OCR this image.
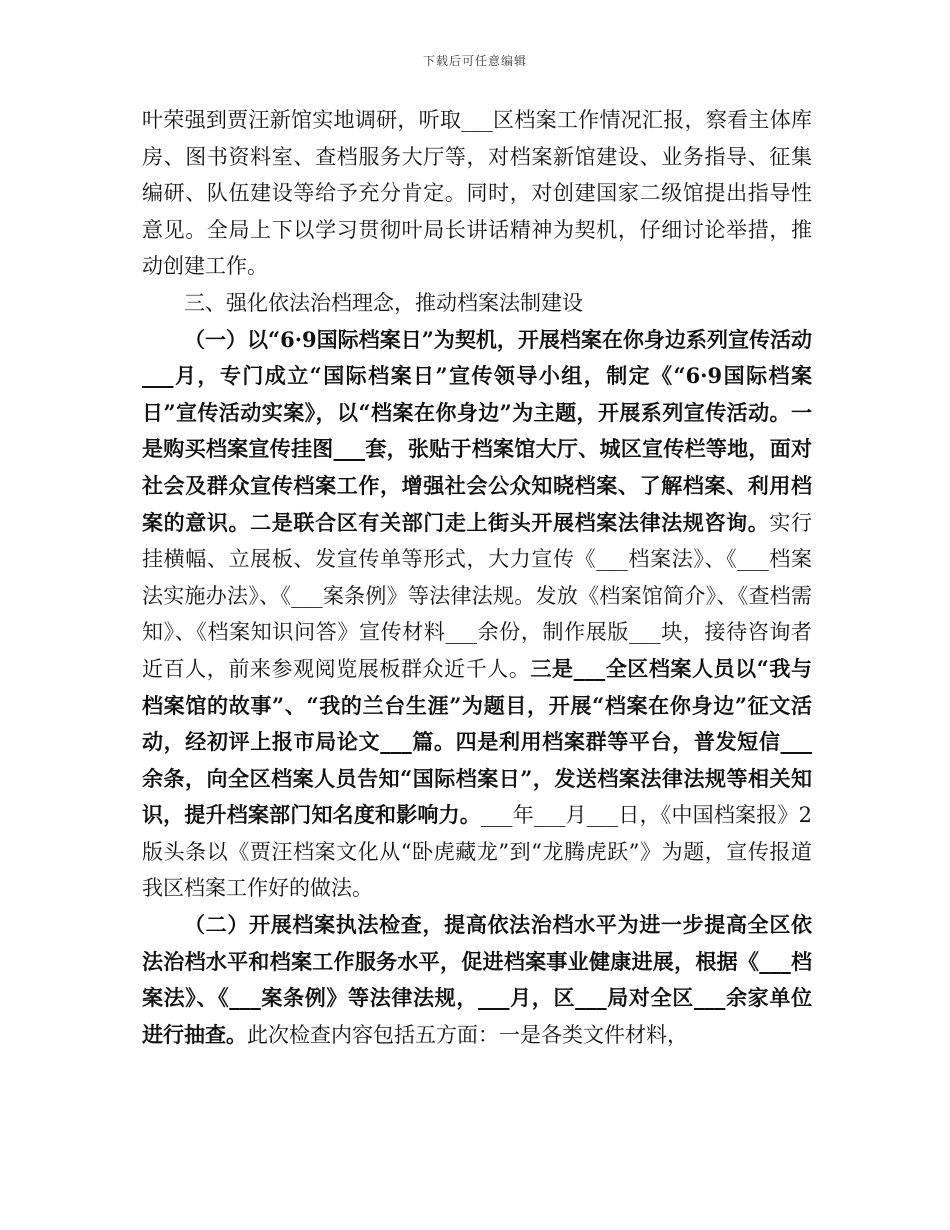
下载后可任意编辑

叶荣强到贾汪新馆实地调研，听取___区档案工作情况汇报，察看主体库房、图书资料室、查档服务大厅等，对档案新馆建设、业务指导、征集编研、队伍建设等给予充分肯定。同时，对创建国家二级馆提出指导性意见。全局上下以学习贯彻叶局长讲话精神为契机，仔细讨论举措，推动创建工作。

三、强化依法治档理念，推动档案法制建设

（一）以“6·9国际档案日”为契机，开展档案在你身边系列宣传活动___月，专门成立“国际档案日”宣传领导小组，制定《“6·9国际档案日”宣传活动实案》，以“档案在你身边”为主题，开展系列宣传活动。一是购买档案宣传挂图___套，张贴于档案馆大厅、城区宣传栏等地，面对社会及群众宣传档案工作，增强社会公众知晓档案、了解档案、利用档案的意识。二是联合区有关部门走上街头开展档案法律法规咨询。实行挂横幅、立展板、发宣传单等形式，大力宣传《___档案法》、《___档案法实施办法》、《___案条例》等法律法规。发放《档案馆简介》、《查档需知》、《档案知识问答》宣传材料___余份，制作展版___块，接待咨询者近百人，前来参观阅览展板群众近千人。三是___全区档案人员以“我与档案馆的故事”、“我的兰台生涯”为题目，开展“档案在你身边”征文活动，经初评上报市局论文___篇。四是利用档案群等平台，普发短信___余条，向全区档案人员告知“国际档案日”，发送档案法律法规等相关知识，提升档案部门知名度和影响力。___年___月___日，《中国档案报》2版头条以《贾汪档案文化从“卧虎藏龙”到“龙腾虎跃”》为题，宣传报道我区档案工作好的做法。

（二）开展档案执法检查，提高依法治档水平为进一步提高全区依法治档水平和档案工作服务水平，促进档案事业健康进展，根据《___档案法》、《___案条例》等法律法规，___月，区___局对全区___余家单位进行抽查。此次检查内容包括五方面：一是各类文件材料，
